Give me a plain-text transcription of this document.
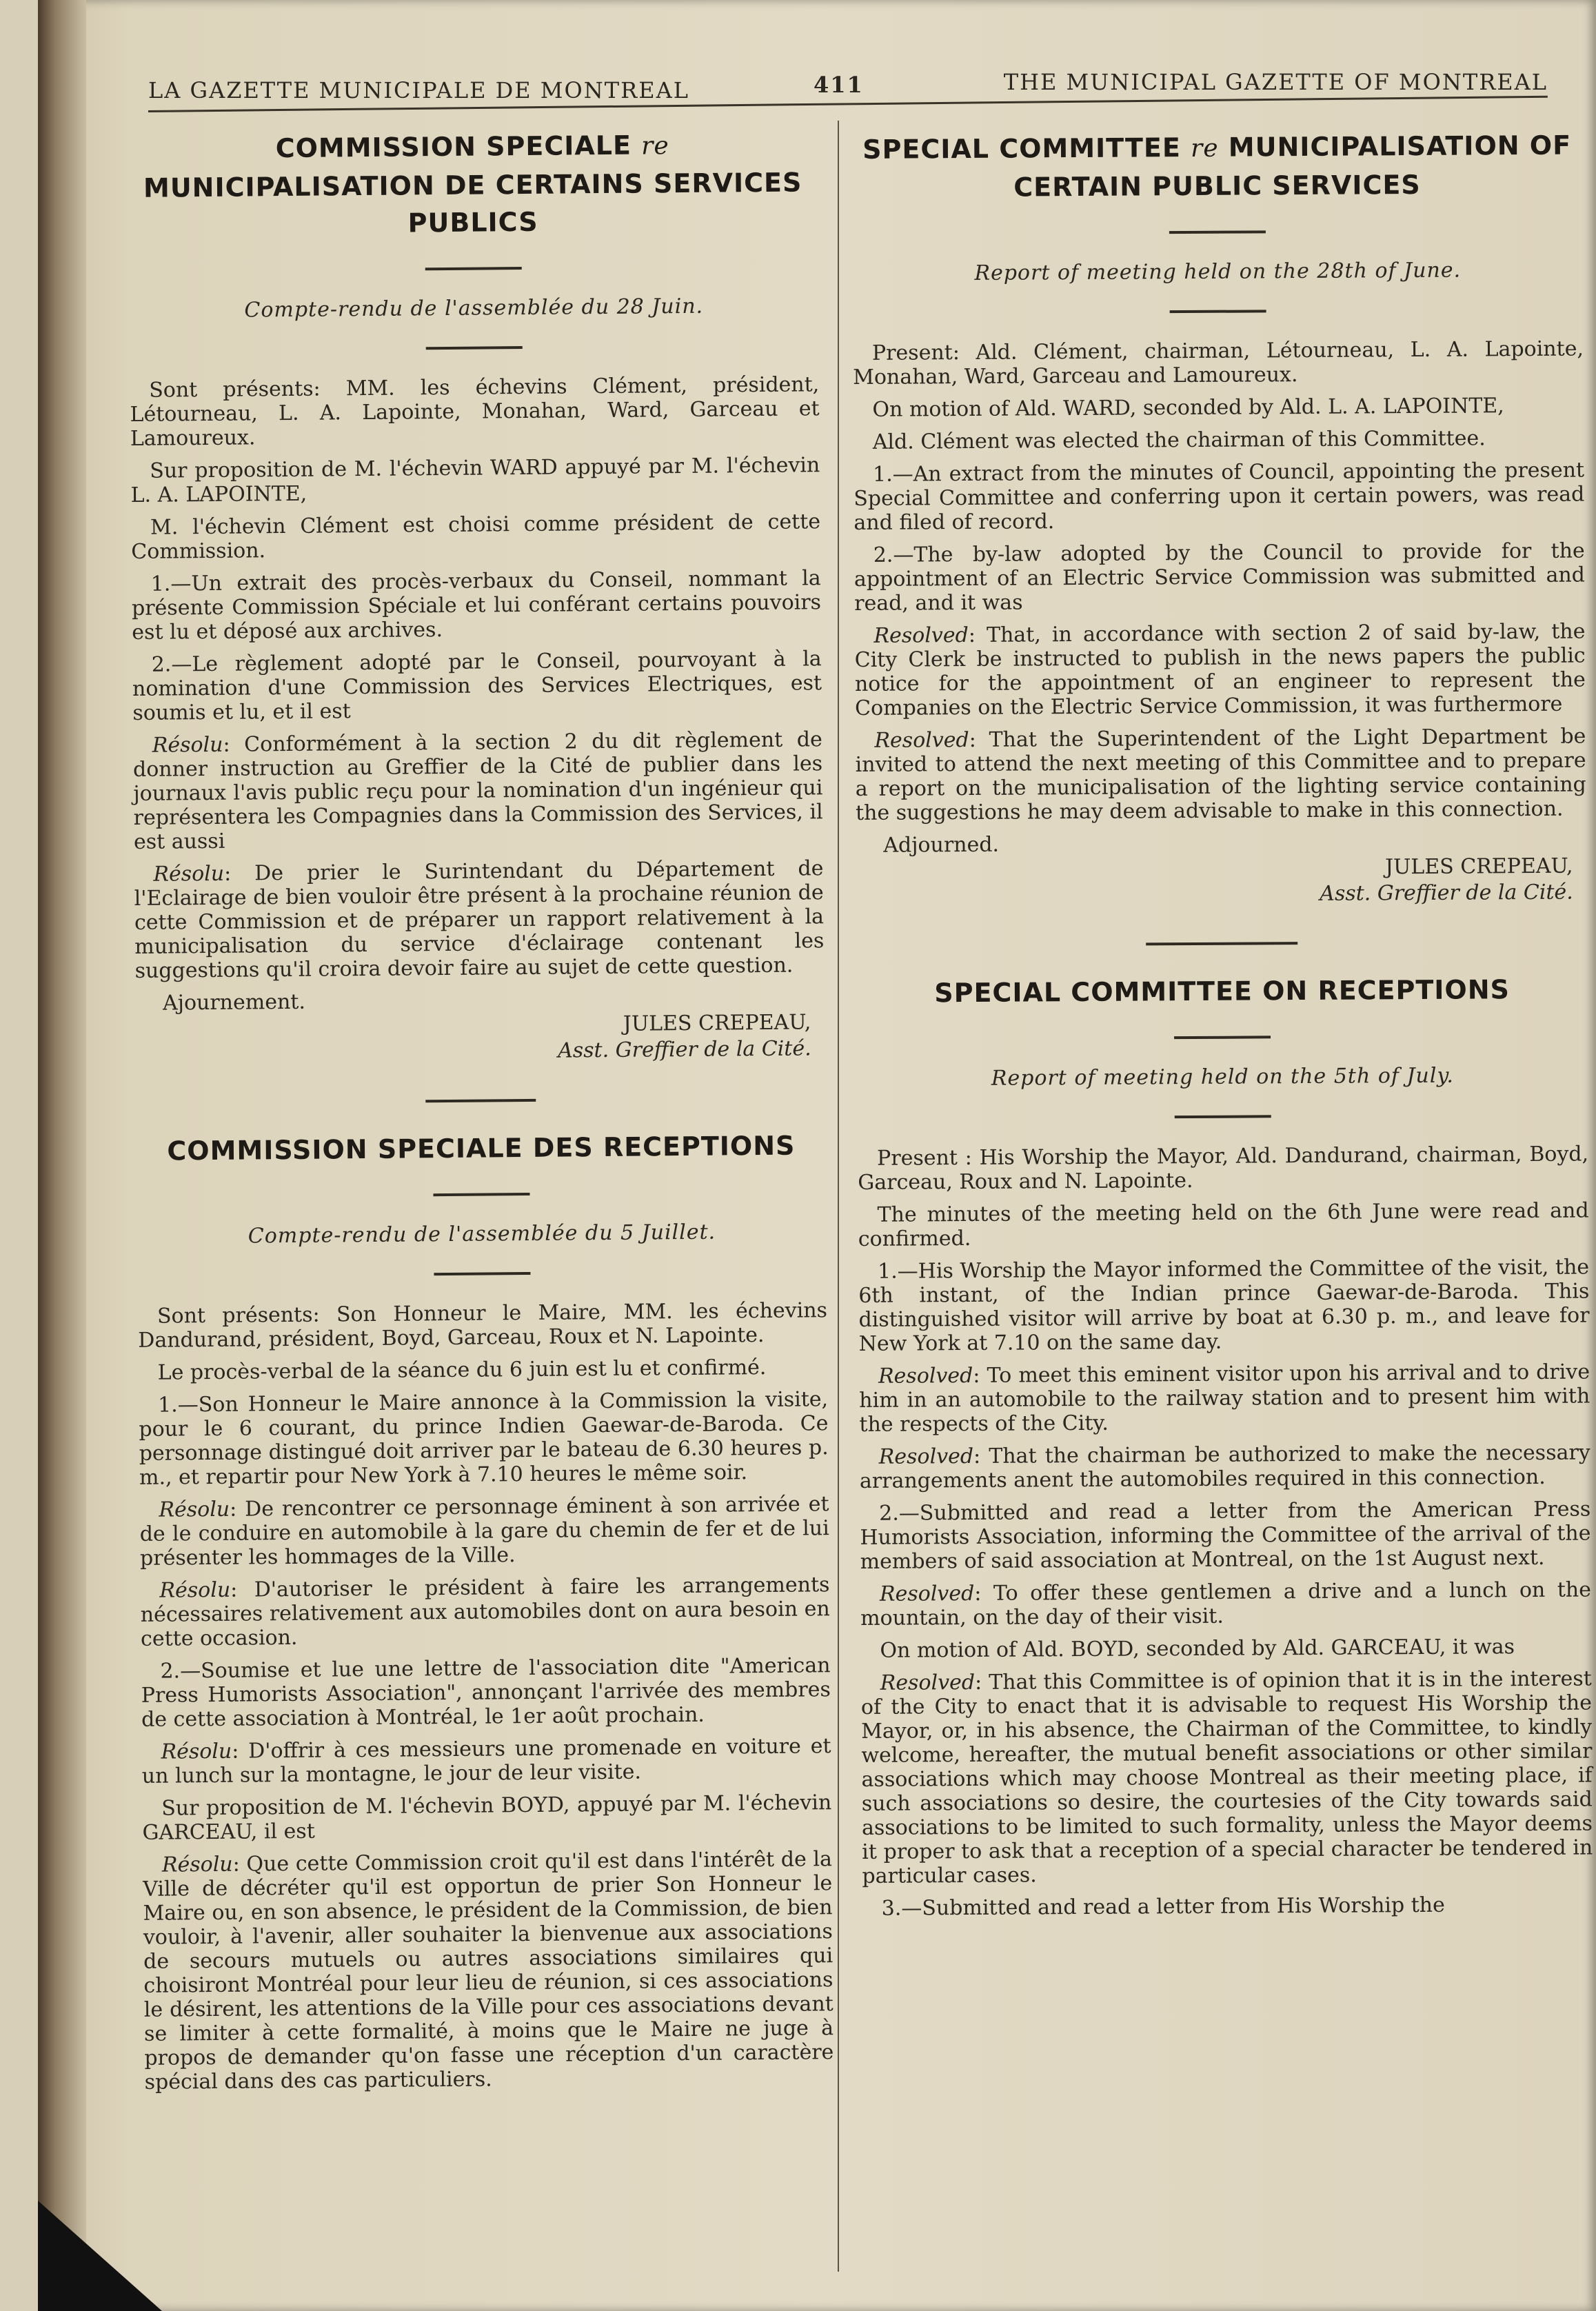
LA GAZETTE MUNICIPALE DE MONTREAL	411	THE MUNICIPAL GAZETTE OF MONTREAL
COMMISSION SPECIALE re MUNICIPALISATION DE CERTAINS SERVICES PUBLICS
Compte-rendu de l'assemblée du 28 Juin.

Sont présents: MM. les échevins Clément, président, Létourneau, L. A. Lapointe, Monahan, Ward, Garceau et Lamoureux.

Sur proposition de M. l'échevin WARD appuyé par M. l'échevin L. A. LAPOINTE,

M. l'échevin Clément est choisi comme président de cette Commission.

1.—Un extrait des procès-verbaux du Conseil, nommant la présente Commission Spéciale et lui conférant certains pouvoirs est lu et déposé aux archives.

2.—Le règlement adopté par le Conseil, pourvoyant à la nomination d'une Commission des Services Electriques, est soumis et lu, et il est

Résolu: Conformément à la section 2 du dit règlement de donner instruction au Greffier de la Cité de publier dans les journaux l'avis public reçu pour la nomination d'un ingénieur qui représentera les Compagnies dans la Commission des Services, il est aussi

Résolu: De prier le Surintendant du Département de l'Eclairage de bien vouloir être présent à la prochaine réunion de cette Commission et de préparer un rapport relativement à la municipalisation du service d'éclairage contenant les suggestions qu'il croira devoir faire au sujet de cette question.

Ajournement.
JULES CREPEAU,
Asst. Greffier de la Cité.
COMMISSION SPECIALE DES RECEPTIONS
Compte-rendu de l'assemblée du 5 Juillet.

Sont présents: Son Honneur le Maire, MM. les échevins Dandurand, président, Boyd, Garceau, Roux et N. Lapointe.

Le procès-verbal de la séance du 6 juin est lu et confirmé.

1.—Son Honneur le Maire annonce à la Commission la visite, pour le 6 courant, du prince Indien Gaewar-de-Baroda. Ce personnage distingué doit arriver par le bateau de 6.30 heures p. m., et repartir pour New York à 7.10 heures le même soir.

Résolu: De rencontrer ce personnage éminent à son arrivée et de le conduire en automobile à la gare du chemin de fer et de lui présenter les hommages de la Ville.

Résolu: D'autoriser le président à faire les arrangements nécessaires relativement aux automobiles dont on aura besoin en cette occasion.

2.—Soumise et lue une lettre de l'association dite "American Press Humorists Association", annonçant l'arrivée des membres de cette association à Montréal, le 1er août prochain.

Résolu: D'offrir à ces messieurs une promenade en voiture et un lunch sur la montagne, le jour de leur visite.

Sur proposition de M. l'échevin BOYD, appuyé par M. l'échevin GARCEAU, il est

Résolu: Que cette Commission croit qu'il est dans l'intérêt de la Ville de décréter qu'il est opportun de prier Son Honneur le Maire ou, en son absence, le président de la Commission, de bien vouloir, à l'avenir, aller souhaiter la bienvenue aux associations de secours mutuels ou autres associations similaires qui choisiront Montréal pour leur lieu de réunion, si ces associations le désirent, les attentions de la Ville pour ces associations devant se limiter à cette formalité, à moins que le Maire ne juge à propos de demander qu'on fasse une réception d'un caractère spécial dans des cas particuliers.

SPECIAL COMMITTEE re MUNICIPALISATION OF CERTAIN PUBLIC SERVICES
Report of meeting held on the 28th of June.

Present: Ald. Clément, chairman, Létourneau, L. A. Lapointe, Monahan, Ward, Garceau and Lamoureux.

On motion of Ald. WARD, seconded by Ald. L. A. LAPOINTE,

Ald. Clément was elected the chairman of this Committee.

1.—An extract from the minutes of Council, appointing the present Special Committee and conferring upon it certain powers, was read and filed of record.

2.—The by-law adopted by the Council to provide for the appointment of an Electric Service Commission was submitted and read, and it was

Resolved: That, in accordance with section 2 of said by-law, the City Clerk be instructed to publish in the news papers the public notice for the appointment of an engineer to represent the Companies on the Electric Service Commission, it was furthermore

Resolved: That the Superintendent of the Light Department be invited to attend the next meeting of this Committee and to prepare a report on the municipalisation of the lighting service containing the suggestions he may deem advisable to make in this connection.

Adjourned.
JULES CREPEAU,
Asst. Greffier de la Cité.
SPECIAL COMMITTEE ON RECEPTIONS
Report of meeting held on the 5th of July.

Present : His Worship the Mayor, Ald. Dandurand, chairman, Boyd, Garceau, Roux and N. Lapointe.

The minutes of the meeting held on the 6th June were read and confirmed.

1.—His Worship the Mayor informed the Committee of the visit, the 6th instant, of the Indian prince Gaewar-de-Baroda. This distinguished visitor will arrive by boat at 6.30 p. m., and leave for New York at 7.10 on the same day.

Resolved: To meet this eminent visitor upon his arrival and to drive him in an automobile to the railway station and to present him with the respects of the City.

Resolved: That the chairman be authorized to make the necessary arrangements anent the automobiles required in this connection.

2.—Submitted and read a letter from the American Press Humorists Association, informing the Committee of the arrival of the members of said association at Montreal, on the 1st August next.

Resolved: To offer these gentlemen a drive and a lunch on the mountain, on the day of their visit.

On motion of Ald. BOYD, seconded by Ald. GARCEAU, it was

Resolved: That this Committee is of opinion that it is in the interest of the City to enact that it is advisable to request His Worship the Mayor, or, in his absence, the Chairman of the Committee, to kindly welcome, hereafter, the mutual benefit associations or other similar associations which may choose Montreal as their meeting place, if such associations so desire, the courtesies of the City towards said associations to be limited to such formality, unless the Mayor deems it proper to ask that a reception of a special character be tendered in particular cases.

3.—Submitted and read a letter from His Worship the
